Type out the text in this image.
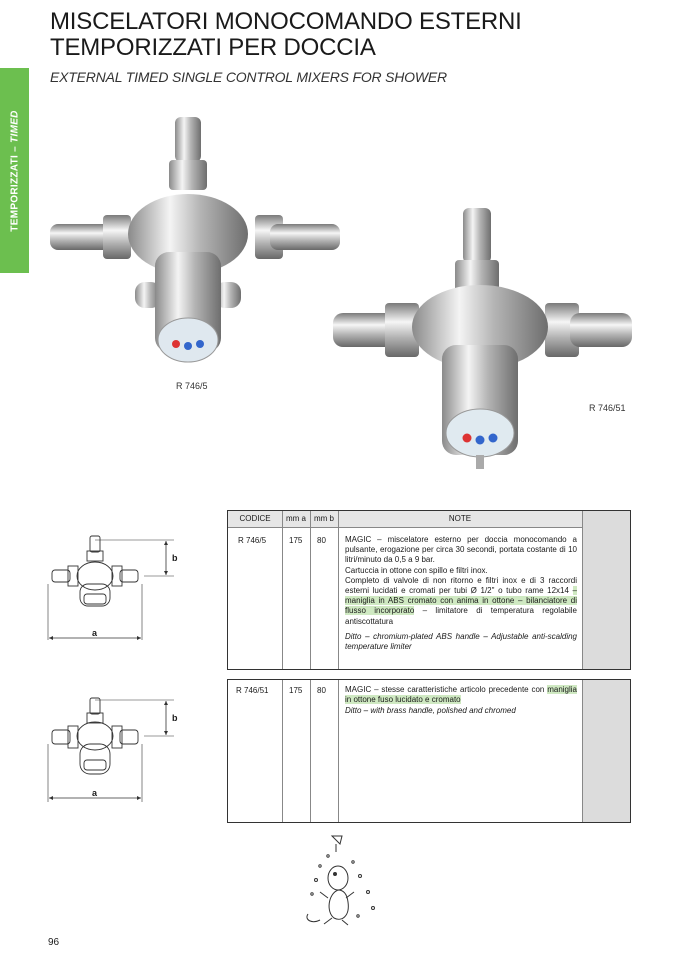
TEMPORIZZATI – TIMED
MISCELATORI MONOCOMANDO ESTERNI
TEMPORIZZATI PER DOCCIA
EXTERNAL TIMED SINGLE CONTROL MIXERS FOR SHOWER
R 746/5
R 746/51
b
a
b
a
CODICE	mm a	mm b	NOTE
R 746/5	175 80 MAGIC – miscelatore esterno per doccia monocomando a pulsante, erogazione per circa 30 secondi, portata costante di 10 litri/minuto da 0,5 a 9 bar.

Cartuccia in ottone con spillo e filtri inox.

Completo di valvole di non ritorno e filtri inox e di 3 raccordi esterni lucidati e cromati per tubi Ø 1/2" o tubo rame 12x14 – maniglia in ABS cromato con anima in ottone – bilanciatore di flusso incorporato – limitatore di temperatura regolabile antiscottatura

Ditto – chromium-plated ABS handle – Adjustable anti-scalding temperature limiter

R 746/51	175 80 MAGIC – stesse caratteristiche articolo precedente con maniglia in ottone fuso lucidato e cromato

Ditto – with brass handle, polished and chromed

96
